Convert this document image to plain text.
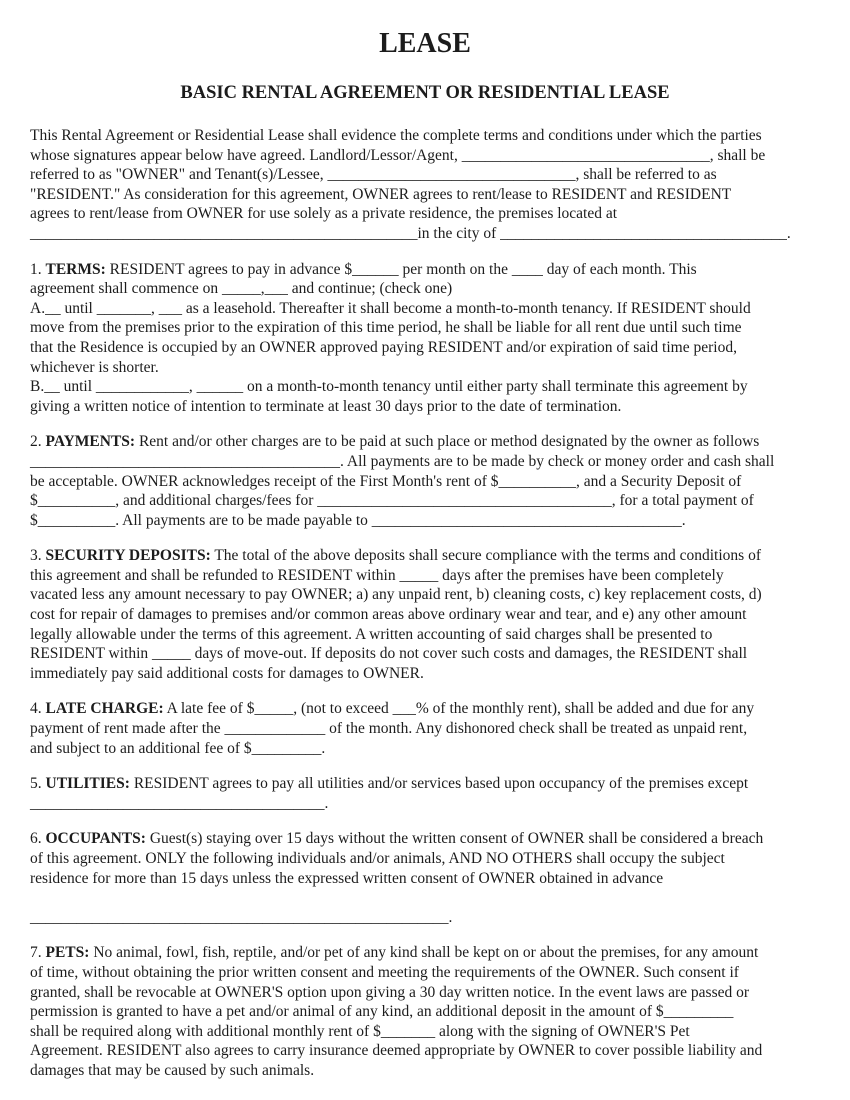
LEASE
BASIC RENTAL AGREEMENT OR RESIDENTIAL LEASE
This Rental Agreement or Residential Lease shall evidence the complete terms and conditions under which the parties
whose signatures appear below have agreed. Landlord/Lessor/Agent, ________________________________, shall be
referred to as "OWNER" and Tenant(s)/Lessee, ________________________________, shall be referred to as
"RESIDENT." As consideration for this agreement, OWNER agrees to rent/lease to RESIDENT and RESIDENT
agrees to rent/lease from OWNER for use solely as a private residence, the premises located at
__________________________________________________in the city of _____________________________________.
1. TERMS: RESIDENT agrees to pay in advance $______ per month on the ____ day of each month. This
agreement shall commence on _____,___ and continue; (check one)
A.__ until _______, ___ as a leasehold. Thereafter it shall become a month-to-month tenancy. If RESIDENT should
move from the premises prior to the expiration of this time period, he shall be liable for all rent due until such time
that the Residence is occupied by an OWNER approved paying RESIDENT and/or expiration of said time period,
whichever is shorter.
B.__ until ____________, ______ on a month-to-month tenancy until either party shall terminate this agreement by
giving a written notice of intention to terminate at least 30 days prior to the date of termination.
2. PAYMENTS: Rent and/or other charges are to be paid at such place or method designated by the owner as follows
________________________________________. All payments are to be made by check or money order and cash shall
be acceptable. OWNER acknowledges receipt of the First Month's rent of $__________, and a Security Deposit of
$__________, and additional charges/fees for ______________________________________, for a total payment of
$__________. All payments are to be made payable to ________________________________________.
3. SECURITY DEPOSITS: The total of the above deposits shall secure compliance with the terms and conditions of
this agreement and shall be refunded to RESIDENT within _____ days after the premises have been completely
vacated less any amount necessary to pay OWNER; a) any unpaid rent, b) cleaning costs, c) key replacement costs, d)
cost for repair of damages to premises and/or common areas above ordinary wear and tear, and e) any other amount
legally allowable under the terms of this agreement. A written accounting of said charges shall be presented to
RESIDENT within _____ days of move-out. If deposits do not cover such costs and damages, the RESIDENT shall
immediately pay said additional costs for damages to OWNER.
4. LATE CHARGE: A late fee of $_____, (not to exceed ___% of the monthly rent), shall be added and due for any
payment of rent made after the _____________ of the month. Any dishonored check shall be treated as unpaid rent,
and subject to an additional fee of $_________.
5. UTILITIES: RESIDENT agrees to pay all utilities and/or services based upon occupancy of the premises except
______________________________________.
6. OCCUPANTS: Guest(s) staying over 15 days without the written consent of OWNER shall be considered a breach
of this agreement. ONLY the following individuals and/or animals, AND NO OTHERS shall occupy the subject
residence for more than 15 days unless the expressed written consent of OWNER obtained in advance

______________________________________________________.
7. PETS: No animal, fowl, fish, reptile, and/or pet of any kind shall be kept on or about the premises, for any amount
of time, without obtaining the prior written consent and meeting the requirements of the OWNER. Such consent if
granted, shall be revocable at OWNER'S option upon giving a 30 day written notice. In the event laws are passed or
permission is granted to have a pet and/or animal of any kind, an additional deposit in the amount of $_________
shall be required along with additional monthly rent of $_______ along with the signing of OWNER'S Pet
Agreement. RESIDENT also agrees to carry insurance deemed appropriate by OWNER to cover possible liability and
damages that may be caused by such animals.
